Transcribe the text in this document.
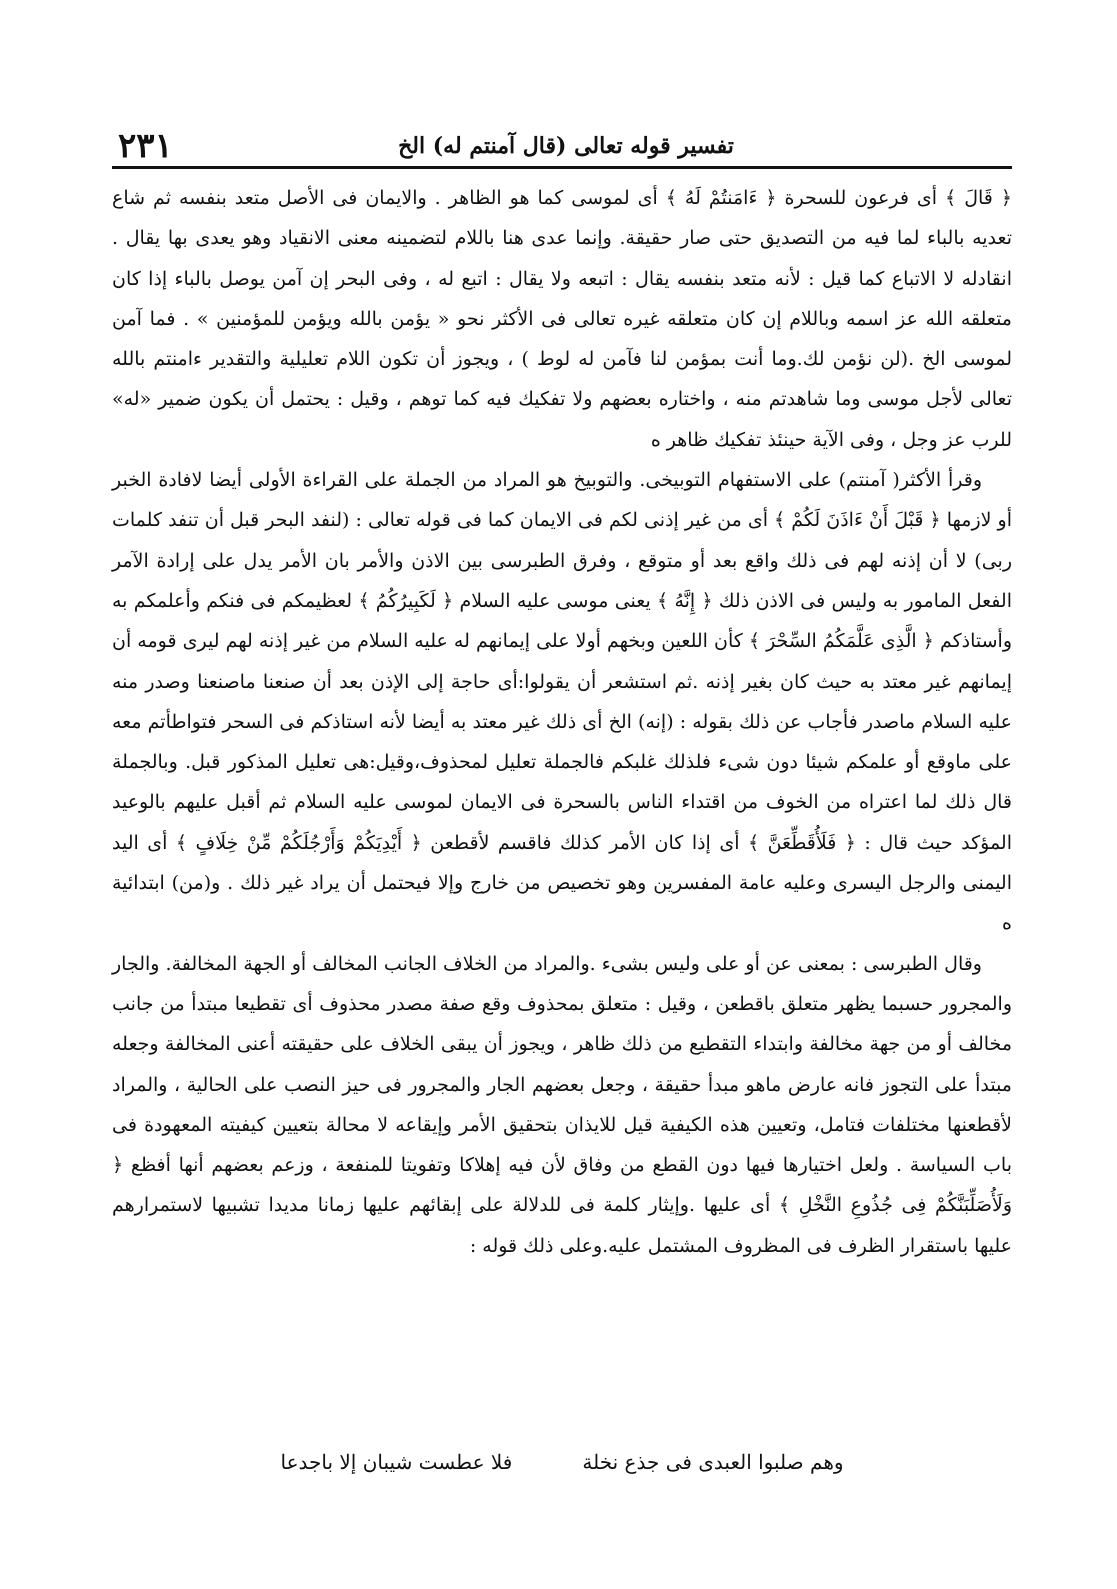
٢٣١	تفسير قوله تعالى (قال آمنتم له) الخ

﴿ قَالَ ﴾ أى فرعون للسحرة ﴿ ءَامَنتُمْ لَهُ ﴾ أى لموسى كما هو الظاهر . والايمان فى الأصل متعد بنفسه ثم شاع تعديه بالباء لما فيه من التصديق حتى صار حقيقة. وإنما عدى هنا باللام لتضمينه معنى الانقياد وهو يعدى بها يقال . انقادله لا الاتباع كما قيل : لأنه متعد بنفسه يقال : اتبعه ولا يقال : اتبع له ، وفى البحر إن آمن يوصل بالباء إذا كان متعلقه الله عز اسمه وباللام إن كان متعلقه غيره تعالى فى الأكثر نحو « يؤمن بالله ويؤمن للمؤمنين » . فما آمن لموسى الخ .(لن نؤمن لك.وما أنت بمؤمن لنا فآمن له لوط ) ، ويجوز أن تكون اللام تعليلية والتقدير ءامنتم بالله تعالى لأجل موسى وما شاهدتم منه ، واختاره بعضهم ولا تفكيك فيه كما توهم ، وقيل : يحتمل أن يكون ضمير «له» للرب عز وجل ، وفى الآية حينئذ تفكيك ظاهر ه

وقرأ الأكثر( آمنتم) على الاستفهام التوبيخى. والتوبيخ هو المراد من الجملة على القراءة الأولى أيضا لافادة الخبر أو لازمها ﴿ قَبْلَ أَنْ ءَاذَنَ لَكُمْ ﴾ أى من غير إذنى لكم فى الايمان كما فى قوله تعالى : (لنفد البحر قبل أن تنفد كلمات ربى) لا أن إذنه لهم فى ذلك واقع بعد أو متوقع ، وفرق الطبرسى بين الاذن والأمر بان الأمر يدل على إرادة الآمر الفعل المامور به وليس فى الاذن ذلك ﴿ إِنَّهُ ﴾ يعنى موسى عليه السلام ﴿ لَكَبِيرُكُمُ ﴾ لعظيمكم فى فنكم وأعلمكم به وأستاذكم ﴿ الَّذِى عَلَّمَكُمُ السِّحْرَ ﴾ كأن اللعين وبخهم أولا على إيمانهم له عليه السلام من غير إذنه لهم ليرى قومه أن إيمانهم غير معتد به حيث كان بغير إذنه .ثم استشعر أن يقولوا:أى حاجة إلى الإذن بعد أن صنعنا ماصنعنا وصدر منه عليه السلام ماصدر فأجاب عن ذلك بقوله : (إنه) الخ أى ذلك غير معتد به أيضا لأنه استاذكم فى السحر فتواطأتم معه على ماوقع أو علمكم شيئا دون شىء فلذلك غلبكم فالجملة تعليل لمحذوف،وقيل:هى تعليل المذكور قبل. وبالجملة قال ذلك لما اعتراه من الخوف من اقتداء الناس بالسحرة فى الايمان لموسى عليه السلام ثم أقبل عليهم بالوعيد المؤكد حيث قال : ﴿ فَلَأُقَطِّعَنَّ ﴾ أى إذا كان الأمر كذلك فاقسم لأقطعن ﴿ أَيْدِيَكُمْ وَأَرْجُلَكُمْ مِّنْ خِلَافٍ ﴾ أى اليد اليمنى والرجل اليسرى وعليه عامة المفسرين وهو تخصيص من خارج وإلا فيحتمل أن يراد غير ذلك . و(من) ابتدائية ه

وقال الطبرسى : بمعنى عن أو على وليس بشىء .والمراد من الخلاف الجانب المخالف أو الجهة المخالفة. والجار والمجرور حسبما يظهر متعلق باقطعن ، وقيل : متعلق بمحذوف وقع صفة مصدر محذوف أى تقطيعا مبتدأ من جانب مخالف أو من جهة مخالفة وابتداء التقطيع من ذلك ظاهر ، ويجوز أن يبقى الخلاف على حقيقته أعنى المخالفة وجعله مبتدأ على التجوز فانه عارض ماهو مبدأ حقيقة ، وجعل بعضهم الجار والمجرور فى حيز النصب على الحالية ، والمراد لأقطعنها مختلفات فتامل، وتعيين هذه الكيفية قيل للايذان بتحقيق الأمر وإيقاعه لا محالة بتعيين كيفيته المعهودة فى باب السياسة . ولعل اختيارها فيها دون القطع من وفاق لأن فيه إهلاكا وتفويتا للمنفعة ، وزعم بعضهم أنها أفظع ﴿ وَلَأُصَلِّبَنَّكُمْ فِى جُذُوعِ النَّخْلِ ﴾ أى عليها .وإيثار كلمة فى للدلالة على إبقائهم عليها زمانا مديدا تشبيها لاستمرارهم عليها باستقرار الظرف فى المظروف المشتمل عليه.وعلى ذلك قوله :

وهم صلبوا العبدى فى جذع نخلة
فلا عطست شيبان إلا باجدعا
